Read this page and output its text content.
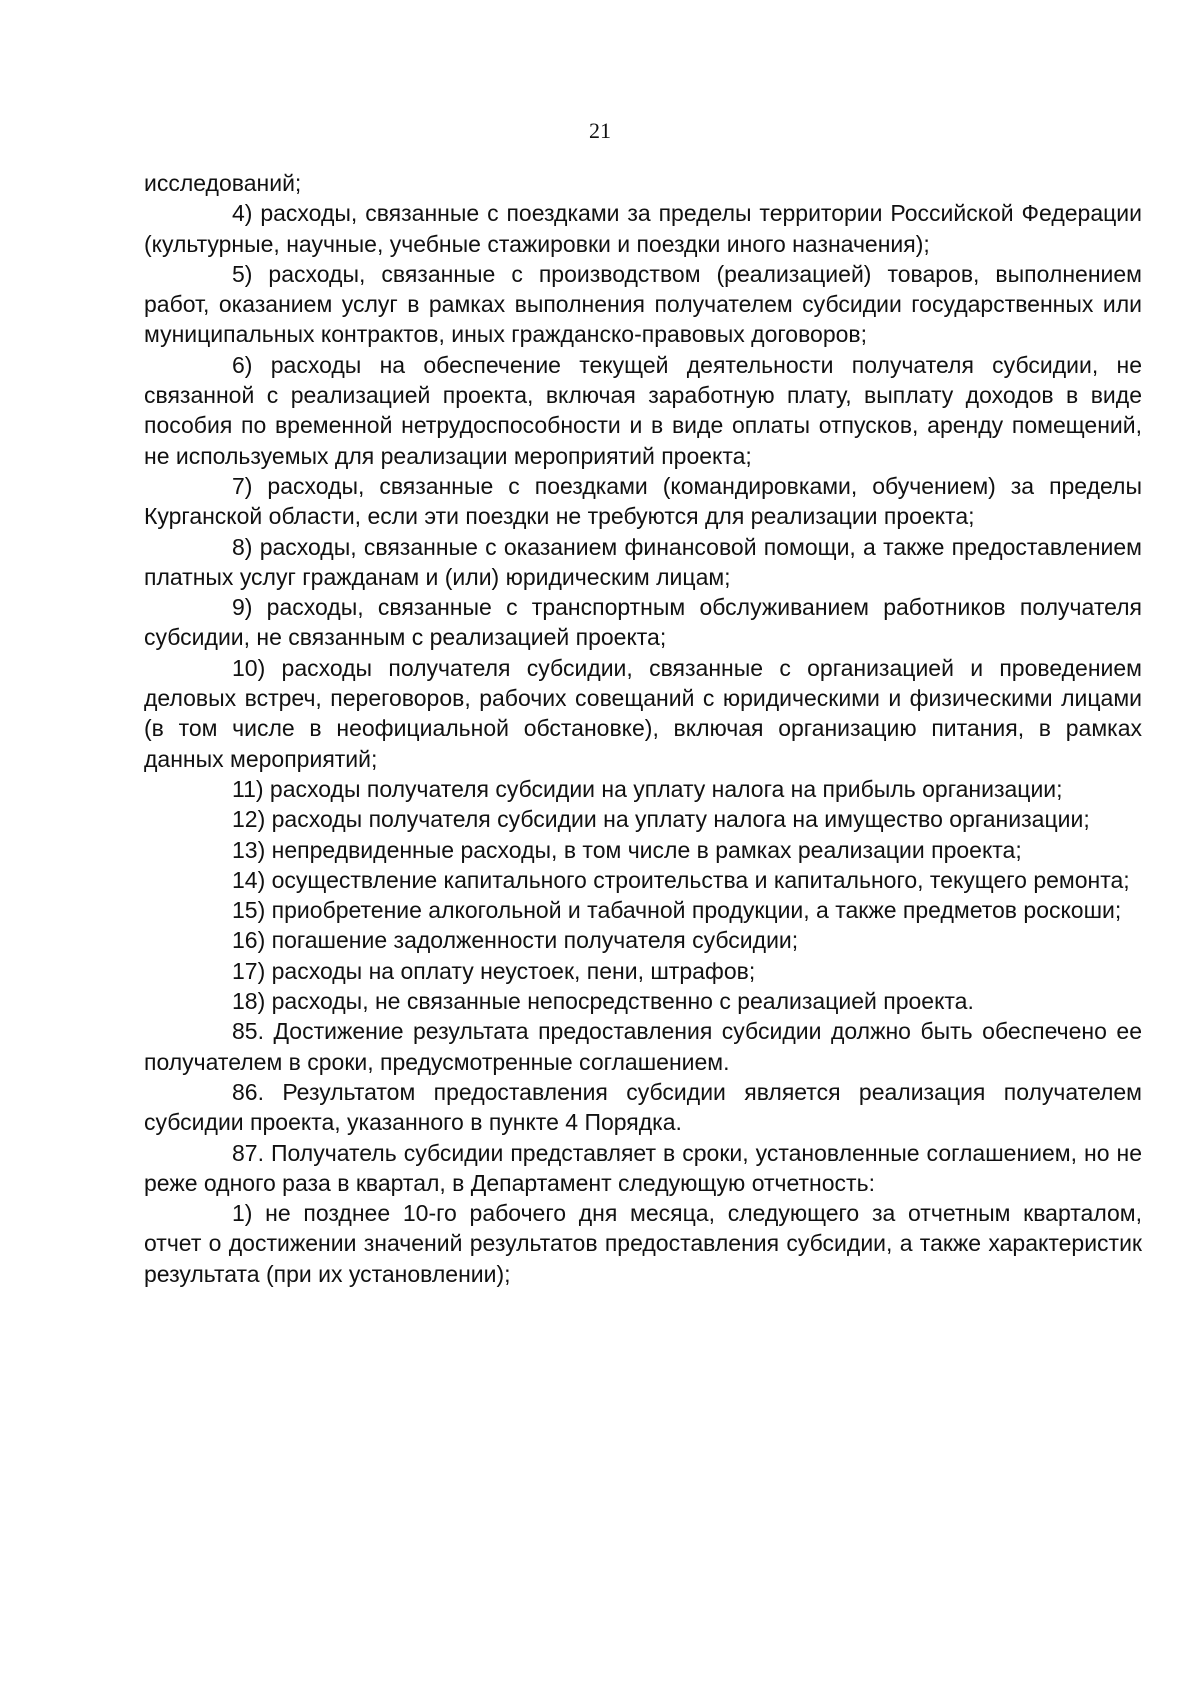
21

исследований;

4) расходы, связанные с поездками за пределы территории Российской Федерации (культурные, научные, учебные стажировки и поездки иного назначения);

5) расходы, связанные с производством (реализацией) товаров, выполнением работ, оказанием услуг в рамках выполнения получателем субсидии государственных или муниципальных контрактов, иных гражданско-правовых договоров;

6) расходы на обеспечение текущей деятельности получателя субсидии, не связанной с реализацией проекта, включая заработную плату, выплату доходов в виде пособия по временной нетрудоспособности и в виде оплаты отпусков, аренду помещений, не используемых для реализации мероприятий проекта;

7) расходы, связанные с поездками (командировками, обучением) за пределы Курганской области, если эти поездки не требуются для реализации проекта;

8) расходы, связанные с оказанием финансовой помощи, а также предоставлением платных услуг гражданам и (или) юридическим лицам;

9) расходы, связанные с транспортным обслуживанием работников получателя субсидии, не связанным с реализацией проекта;

10) расходы получателя субсидии, связанные с организацией и проведением деловых встреч, переговоров, рабочих совещаний с юридическими и физическими лицами (в том числе в неофициальной обстановке), включая организацию питания, в рамках данных мероприятий;

11) расходы получателя субсидии на уплату налога на прибыль организации;

12) расходы получателя субсидии на уплату налога на имущество организации;

13) непредвиденные расходы, в том числе в рамках реализации проекта;

14) осуществление капитального строительства и капитального, текущего ремонта;

15) приобретение алкогольной и табачной продукции, а также предметов роскоши;

16) погашение задолженности получателя субсидии;

17) расходы на оплату неустоек, пени, штрафов;

18) расходы, не связанные непосредственно с реализацией проекта.

85. Достижение результата предоставления субсидии должно быть обеспечено ее получателем в сроки, предусмотренные соглашением.

86. Результатом предоставления субсидии является реализация получателем субсидии проекта, указанного в пункте 4 Порядка.

87. Получатель субсидии представляет в сроки, установленные соглашением, но не реже одного раза в квартал, в Департамент следующую отчетность:

1) не позднее 10-го рабочего дня месяца, следующего за отчетным кварталом, отчет о достижении значений результатов предоставления субсидии, а также характеристик результата (при их установлении);
